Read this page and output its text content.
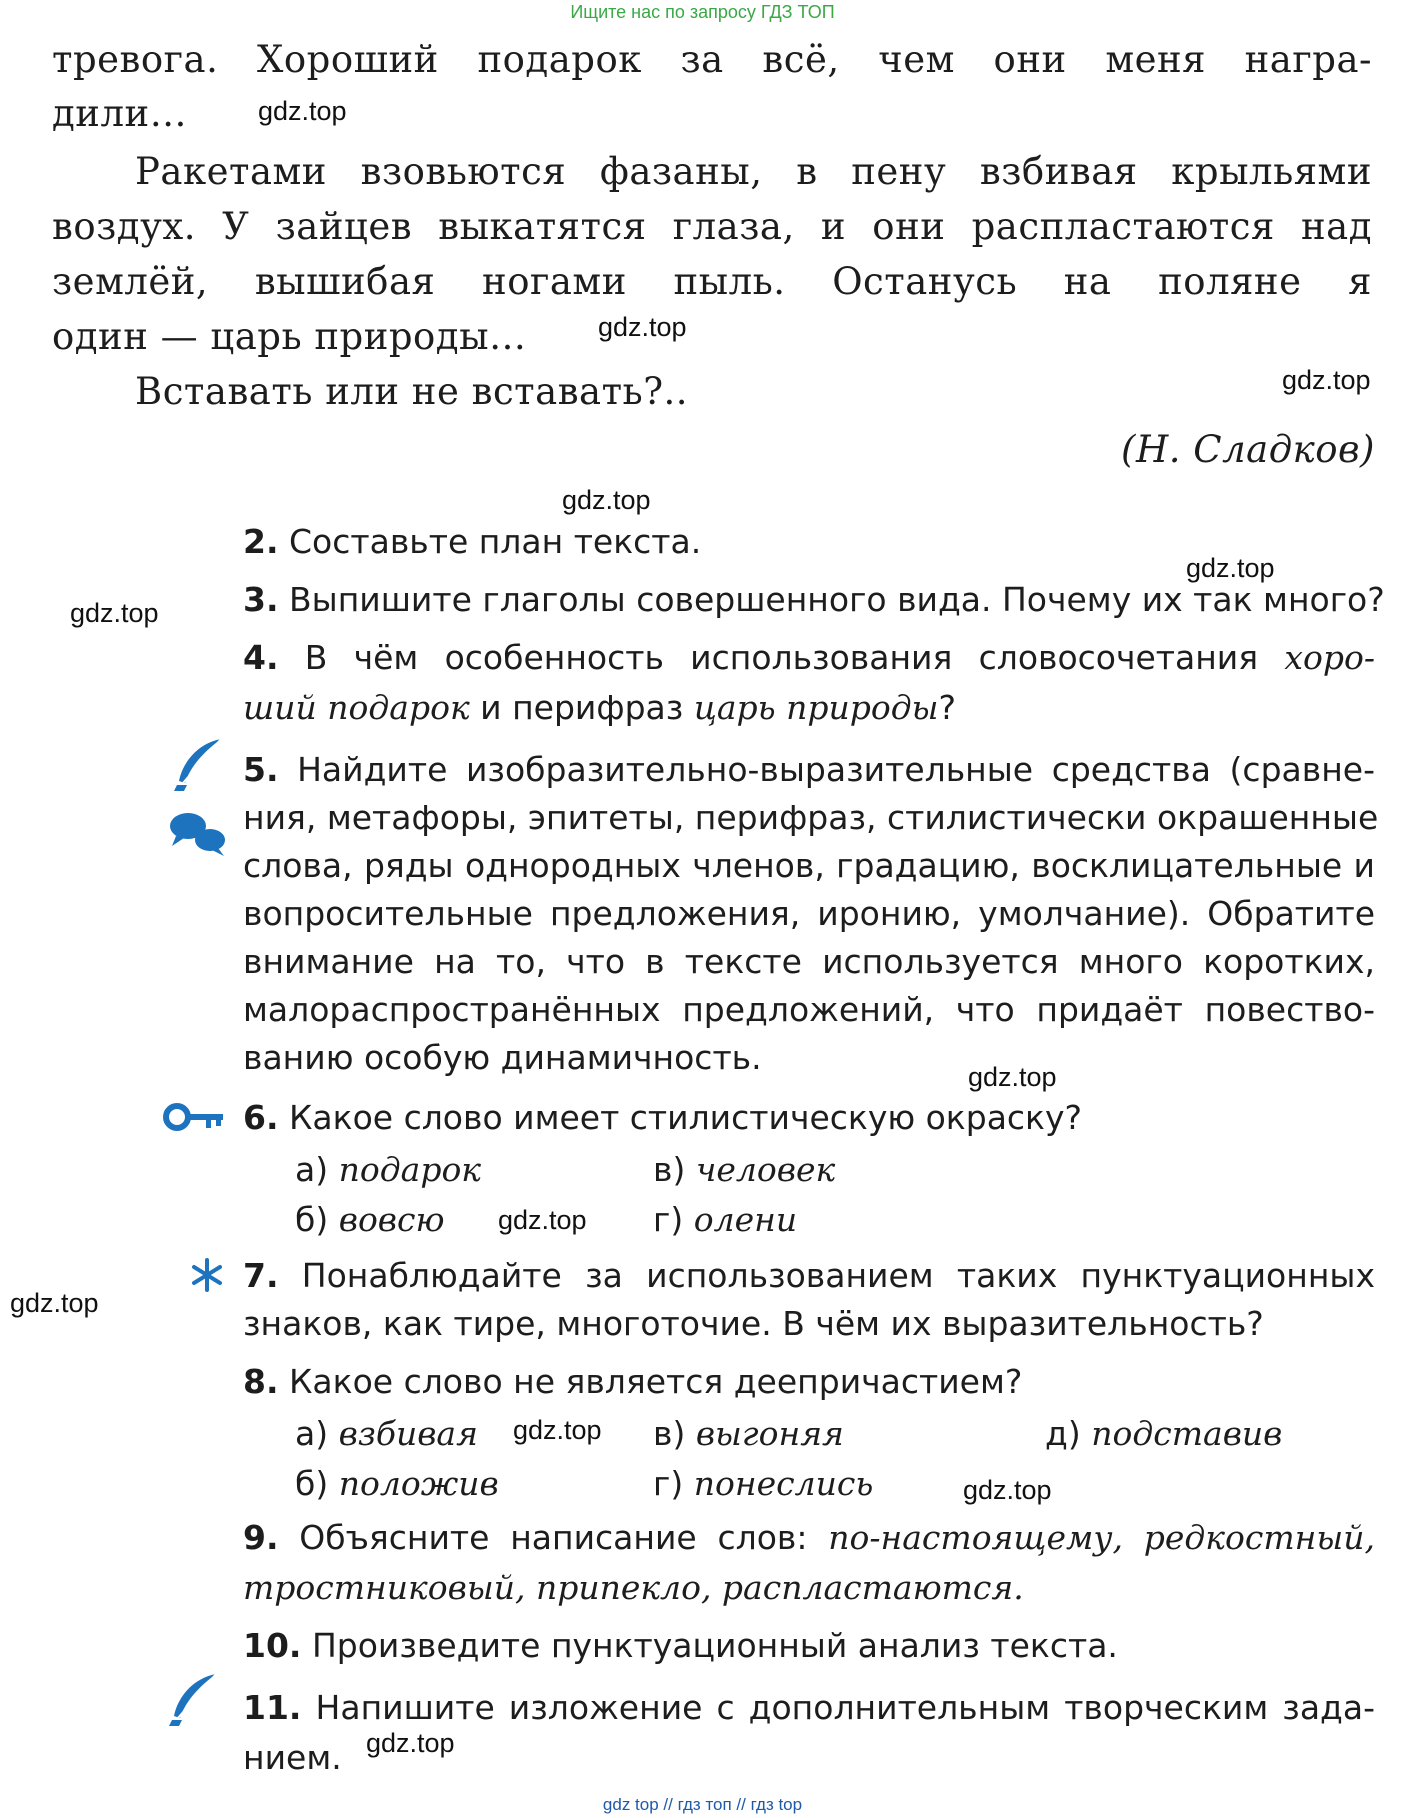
Ищите нас по запросу ГДЗ ТОП
тревога. Хороший подарок за всё, чем они меня награ-
дили…
Ракетами взовьются фазаны, в пену взбивая крыльями
воздух. У зайцев выкатятся глаза, и они распластаются над
землёй, вышибая ногами пыль. Останусь на поляне я
один — царь природы…
Вставать или не вставать?..
(Н. Сладков)
2. Составьте план текста.
3. Выпишите глаголы совершенного вида. Почему их так много?
4. В чём особенность использования словосочетания хоро-
ший подарок и перифраз царь природы?
5. Найдите изобразительно-выразительные средства (сравне-
ния, метафоры, эпитеты, перифраз, стилистически окрашенные
слова, ряды однородных членов, градацию, восклицательные и
вопросительные предложения, иронию, умолчание). Обратите
внимание на то, что в тексте используется много коротких,
малораспространённых предложений, что придаёт повество-
ванию особую динамичность.
6. Какое слово имеет стилистическую окраску?
а) подарок	в) человек
б) вовсю	г) олени
7. Понаблюдайте за использованием таких пунктуационных
знаков, как тире, многоточие. В чём их выразительность?
8. Какое слово не является деепричастием?
а) взбивая	в) выгоняя	д) подставив
б) положив	г) понеслись
9. Объясните написание слов: по-настоящему, редкостный,
тростниковый, припекло, распластаются.
10. Произведите пунктуационный анализ текста.
11. Напишите изложение с дополнительным творческим зада-
нием.
gdz.top
gdz.top
gdz.top
gdz.top
gdz.top
gdz.top
gdz.top
gdz.top
gdz.top
gdz.top
gdz.top
gdz.top
gdz top // гдз топ // гдз top
